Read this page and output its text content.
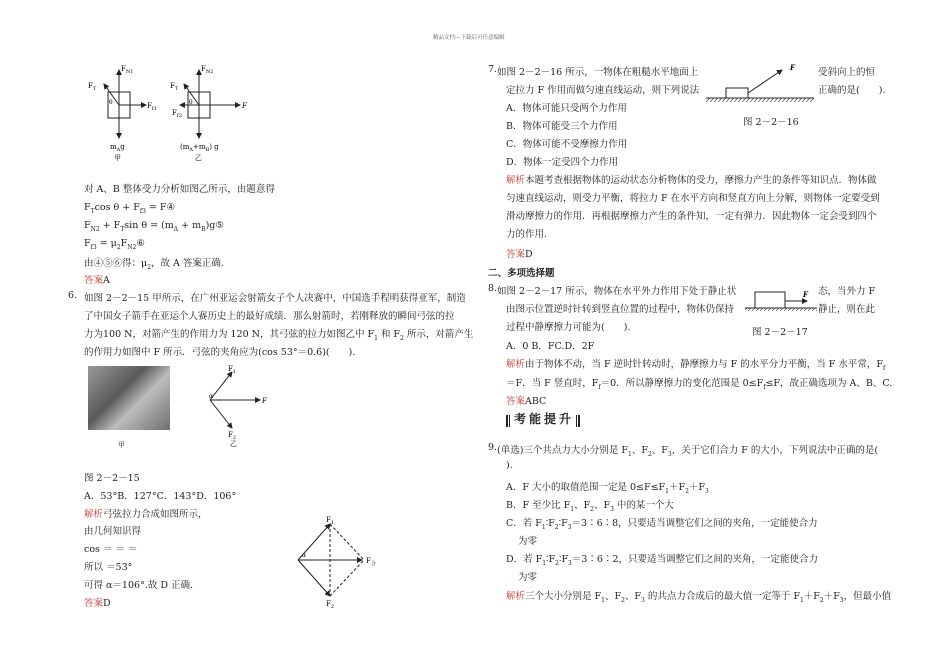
精品文档---下载后可任意编辑
$F_{N1}$
$F_T$
θ	$F_{f1}$
$m_Ag$
甲
$F_{N2}$
$F_T$
θ	F
$F_{f3}$
$(m_A+m_B)$ g
乙
对 A、B 整体受力分析如图乙所示，由题意得
$F_T\cos$ $\theta + F_{f3}$ = F④
$F_{N2} + F_T\sin$ $\theta = (m_A$ + $m_B)g⑤$
$F_{f3}$ = $\mu_2F_{N2}⑥$
由④⑤⑥得：$\mu_2$，故 A 答案正确.
答案A
6. 如图 2－2－15 甲所示，在广州亚运会射箭女子个人决赛中，中国选手程明获得亚军，制造
了中国女子箭手在亚运个人赛历史上的最好成绩．那么射箭时，若刚释放的瞬间弓弦的拉
力为100 N，对箭产生的作用力为 120 N，其弓弦的拉力如图乙中 $F_1$ 和 $F_2$ 所示，对箭产生
的作用力如图中 F 所示．弓弦的夹角应为(cos 53°＝0.6)(　　).
甲
$F_1$
α
F
$F_2$
乙
图 2－2－15
A．53°B．127°C．143°D．106°
解析弓弦拉力合成如图所示，
由几何知识得
cos ＝ ＝ ＝
所以 ＝53°
可得 α＝106°.故 D 正确.
答案D
$F_1$
α
$F_合$
$F_2$
7. 如图 2－2－16 所示，一物体在粗糙水平地面上	受斜向上的恒
定拉力 F 作用而做匀速直线运动，则下列说法	正确的是(　　).
F
图 2－2－16
A．物体可能只受两个力作用
B．物体可能受三个力作用
C．物体可能不受摩擦力作用
D．物体一定受四个力作用
解析本题考查根据物体的运动状态分析物体的受力，摩擦力产生的条件等知识点．物体做
匀速直线运动，则受力平衡，将拉力 F 在水平方向和竖直方向上分解，则物体一定要受到
滑动摩擦力的作用．再根据摩擦力产生的条件知，一定有弹力．因此物体一定会受到四个
力的作用.
答案D
二、多项选择题
8. 如图 2－2－17 所示，物体在水平外力作用下处于静止状	态，当外力 F
由图示位置逆时针转到竖直位置的过程中，物体仍保持	静止，则在此
过程中静摩擦力可能为(　　).
F
图 2－2－17
A．0 B．FC.D．2F
解析由于物体不动，当 F 逆时针转动时，静摩擦力与 F 的水平分力平衡，当 F 水平常，$F_f$
＝F．当 F 竖直时，$F_f=0$．所以静摩擦力的变化范围是 $0\le F_f\le F$，故正确选项为 A、B、C.
答案ABC
考能提升
9. (单选)三个共点力大小分别是 $F_1$、$F_2$、$F_3$，关于它们合力 F 的大小，下列说法中正确的是(
).
A．F 大小的取值范围一定是 $0\le F\le F_1+F_2+F_3$
B．F 至少比 $F_1$、$F_2$、$F_3$ 中的某一个大
C．若 $F_1∶F_2∶F_3=3∶6∶8$，只要适当调整它们之间的夹角，一定能使合力
为零
D．若 $F_1∶F_2∶F_3=3∶6∶2$，只要适当调整它们之间的夹角，一定能使合力
为零
解析三个大小分别是 $F_1$、$F_2$、$F_3$ 的共点力合成后的最大值一定等于 $F_1+F_2+F_3$，但最小值
